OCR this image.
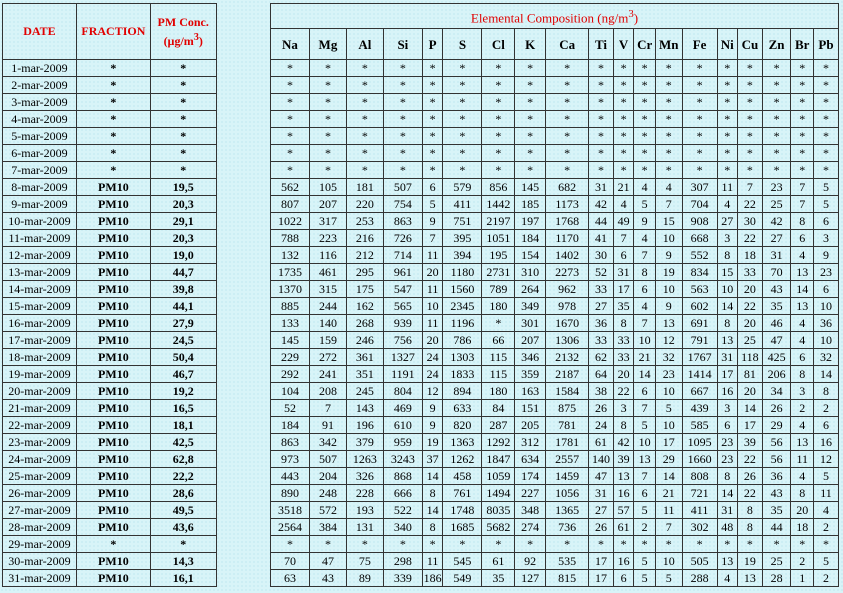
DATE	FRACTION	PM Conc.
$(\mu g/m^3)$		Elemental Composition $(ng/m^3)$																		
				Na	Mg	Al	Si	P	S	Cl	K	Ca	Ti	V	Cr	Mn	Fe	Ni	Cu	Zn	Br	Pb
1-mar-2009	*	*		*	*	*	*	*	*	*	*	*	*	*	*	*	*	*	*	*	*	*
2-mar-2009	*	*		*	*	*	*	*	*	*	*	*	*	*	*	*	*	*	*	*	*	*
3-mar-2009	*	*		*	*	*	*	*	*	*	*	*	*	*	*	*	*	*	*	*	*	*
4-mar-2009	*	*		*	*	*	*	*	*	*	*	*	*	*	*	*	*	*	*	*	*	*
5-mar-2009	*	*		*	*	*	*	*	*	*	*	*	*	*	*	*	*	*	*	*	*	*
6-mar-2009	*	*		*	*	*	*	*	*	*	*	*	*	*	*	*	*	*	*	*	*	*
7-mar-2009	*	*		*	*	*	*	*	*	*	*	*	*	*	*	*	*	*	*	*	*	*
8-mar-2009	PM10	19,5		562	105	181	507	6	579	856	145	682	31	21	4	4	307	11	7	23	7	5
9-mar-2009	PM10	20,3		807	207	220	754	5	411	1442	185	1173	42	4	5	7	704	4	22	25	7	5
10-mar-2009	PM10	29,1		1022	317	253	863	9	751	2197	197	1768	44	49	9	15	908	27	30	42	8	6
11-mar-2009	PM10	20,3		788	223	216	726	7	395	1051	184	1170	41	7	4	10	668	3	22	27	6	3
12-mar-2009	PM10	19,0		132	116	212	714	11	394	195	154	1402	30	6	7	9	552	8	18	31	4	9
13-mar-2009	PM10	44,7		1735	461	295	961	20	1180	2731	310	2273	52	31	8	19	834	15	33	70	13	23
14-mar-2009	PM10	39,8		1370	315	175	547	11	1560	789	264	962	33	17	6	10	563	10	20	43	14	6
15-mar-2009	PM10	44,1		885	244	162	565	10	2345	180	349	978	27	35	4	9	602	14	22	35	13	10
16-mar-2009	PM10	27,9		133	140	268	939	11	1196	*	301	1670	36	8	7	13	691	8	20	46	4	36
17-mar-2009	PM10	24,5		145	159	246	756	20	786	66	207	1306	33	33	10	12	791	13	25	47	4	10
18-mar-2009	PM10	50,4		229	272	361	1327	24	1303	115	346	2132	62	33	21	32	1767	31	118	425	6	32
19-mar-2009	PM10	46,7		292	241	351	1191	24	1833	115	359	2187	64	20	14	23	1414	17	81	206	8	14
20-mar-2009	PM10	19,2		104	208	245	804	12	894	180	163	1584	38	22	6	10	667	16	20	34	3	8
21-mar-2009	PM10	16,5		52	7	143	469	9	633	84	151	875	26	3	7	5	439	3	14	26	2	2
22-mar-2009	PM10	18,1		184	91	196	610	9	820	287	205	781	24	8	5	10	585	6	17	29	4	6
23-mar-2009	PM10	42,5		863	342	379	959	19	1363	1292	312	1781	61	42	10	17	1095	23	39	56	13	16
24-mar-2009	PM10	62,8		973	507	1263	3243	37	1262	1847	634	2557	140	39	13	29	1660	23	22	56	11	12
25-mar-2009	PM10	22,2		443	204	326	868	14	458	1059	174	1459	47	13	7	14	808	8	26	36	4	5
26-mar-2009	PM10	28,6		890	248	228	666	8	761	1494	227	1056	31	16	6	21	721	14	22	43	8	11
27-mar-2009	PM10	49,5		3518	572	193	522	14	1748	8035	348	1365	27	57	5	11	411	31	8	35	20	4
28-mar-2009	PM10	43,6		2564	384	131	340	8	1685	5682	274	736	26	61	2	7	302	48	8	44	18	2
29-mar-2009	*	*		*	*	*	*	*	*	*	*	*	*	*	*	*	*	*	*	*	*	*
30-mar-2009	PM10	14,3		70	47	75	298	11	545	61	92	535	17	16	5	10	505	13	19	25	2	5
31-mar-2009	PM10	16,1		63	43	89	339	186	549	35	127	815	17	6	5	5	288	4	13	28	1	2
